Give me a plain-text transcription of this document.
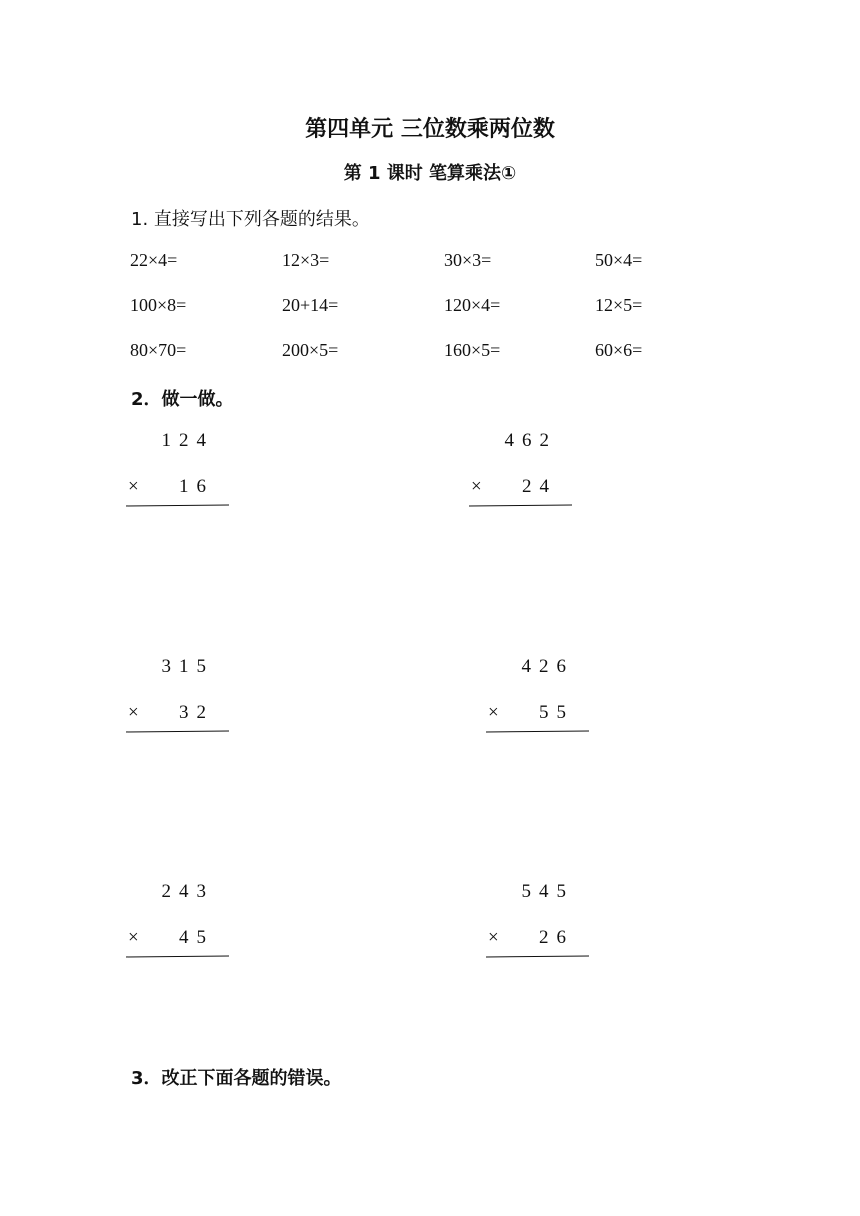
第四单元 三位数乘两位数
第 1 课时 笔算乘法①
1. 直接写出下列各题的结果。
22×4=	12×3=	30×3=	50×4=
100×8=	20+14=	120×4=	12×5=
80×70=	200×5=	160×5=	60×6=
2．做一做。
124
× 16
462
× 24
315
× 32
426
× 55
243
× 45
545
× 26
3．改正下面各题的错误。
